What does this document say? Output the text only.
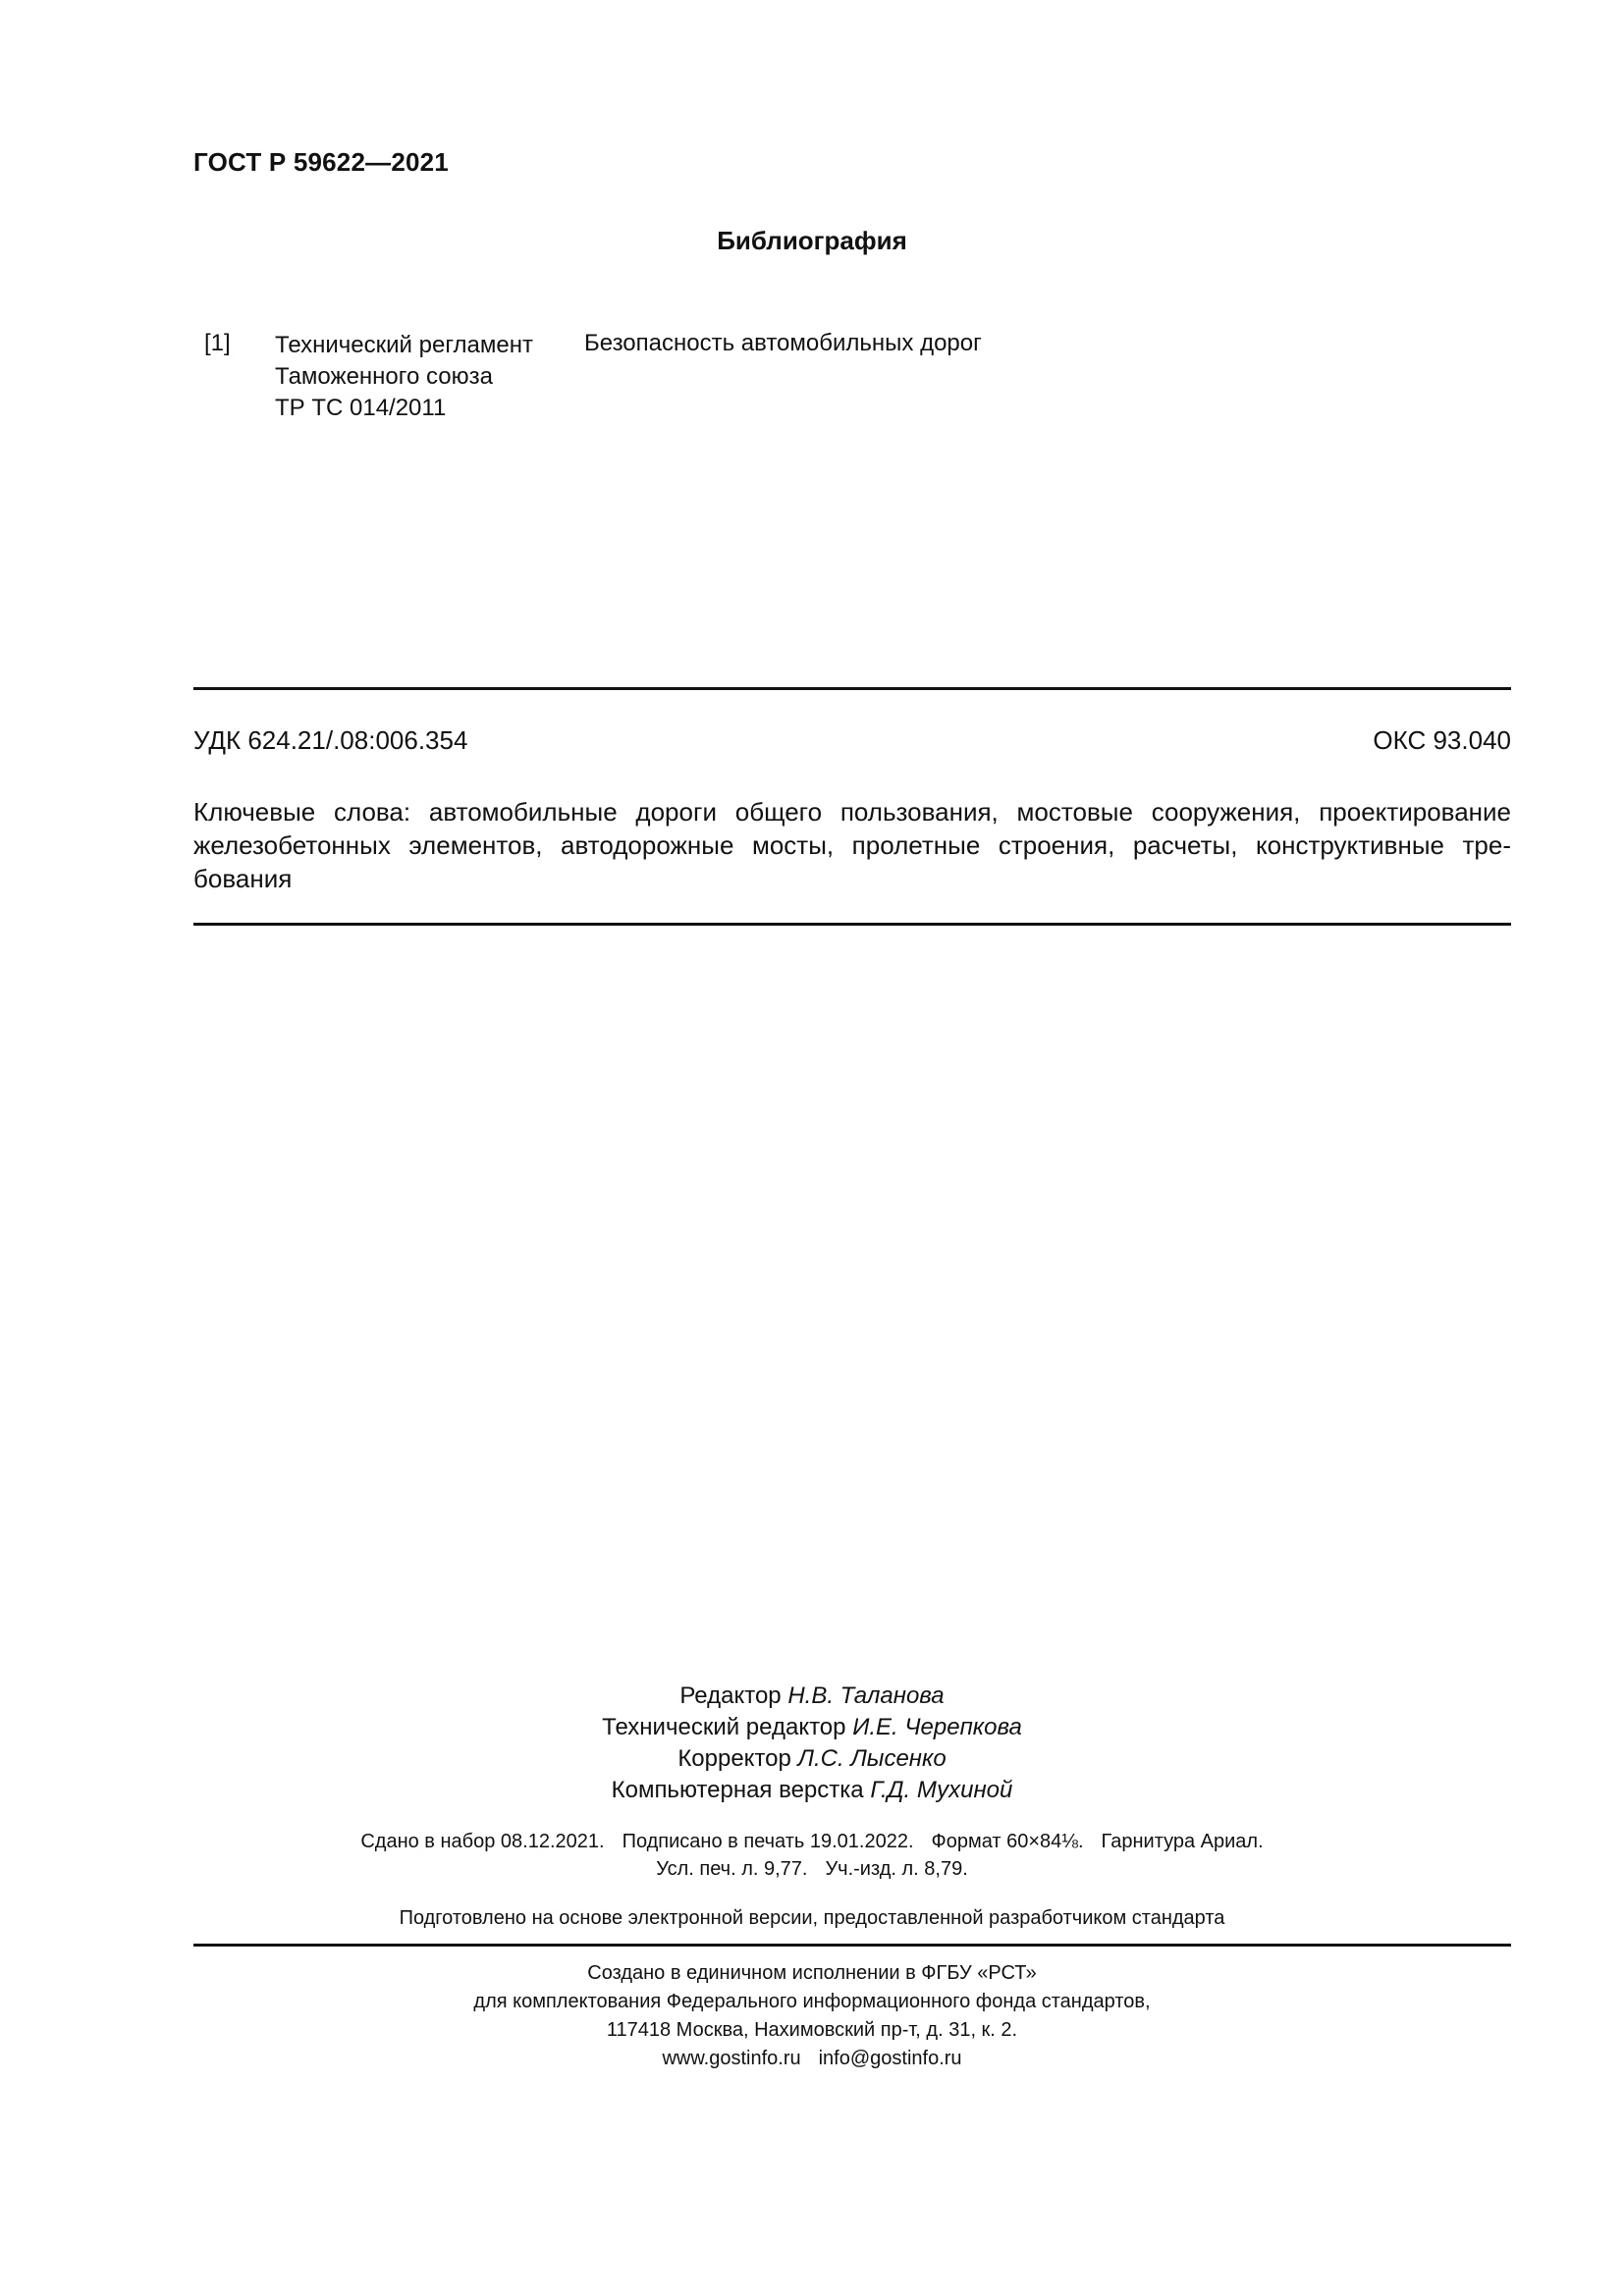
ГОСТ Р 59622—2021
Библиография
[1] Технический регламент
Таможенного союза
ТР ТС 014/2011
Безопасность автомобильных дорог
УДК 624.21/.08:006.354	ОКС 93.040
Ключевые слова: автомобильные дороги общего пользования, мостовые сооружения, проектирование
железобетонных элементов, автодорожные мосты, пролетные строения, расчеты, конструктивные тре-
бования
Редактор Н.В. Таланова
Технический редактор И.Е. Черепкова
Корректор Л.С. Лысенко
Компьютерная верстка Г.Д. Мухиной
Сдано в набор 08.12.2021. Подписано в печать 19.01.2022. Формат 60×84⅛. Гарнитура Ариал.
Усл. печ. л. 9,77. Уч.-изд. л. 8,79.
Подготовлено на основе электронной версии, предоставленной разработчиком стандарта
Создано в единичном исполнении в ФГБУ «РСТ»
для комплектования Федерального информационного фонда стандартов,
117418 Москва, Нахимовский пр-т, д. 31, к. 2.
www.gostinfo.ru info@gostinfo.ru
